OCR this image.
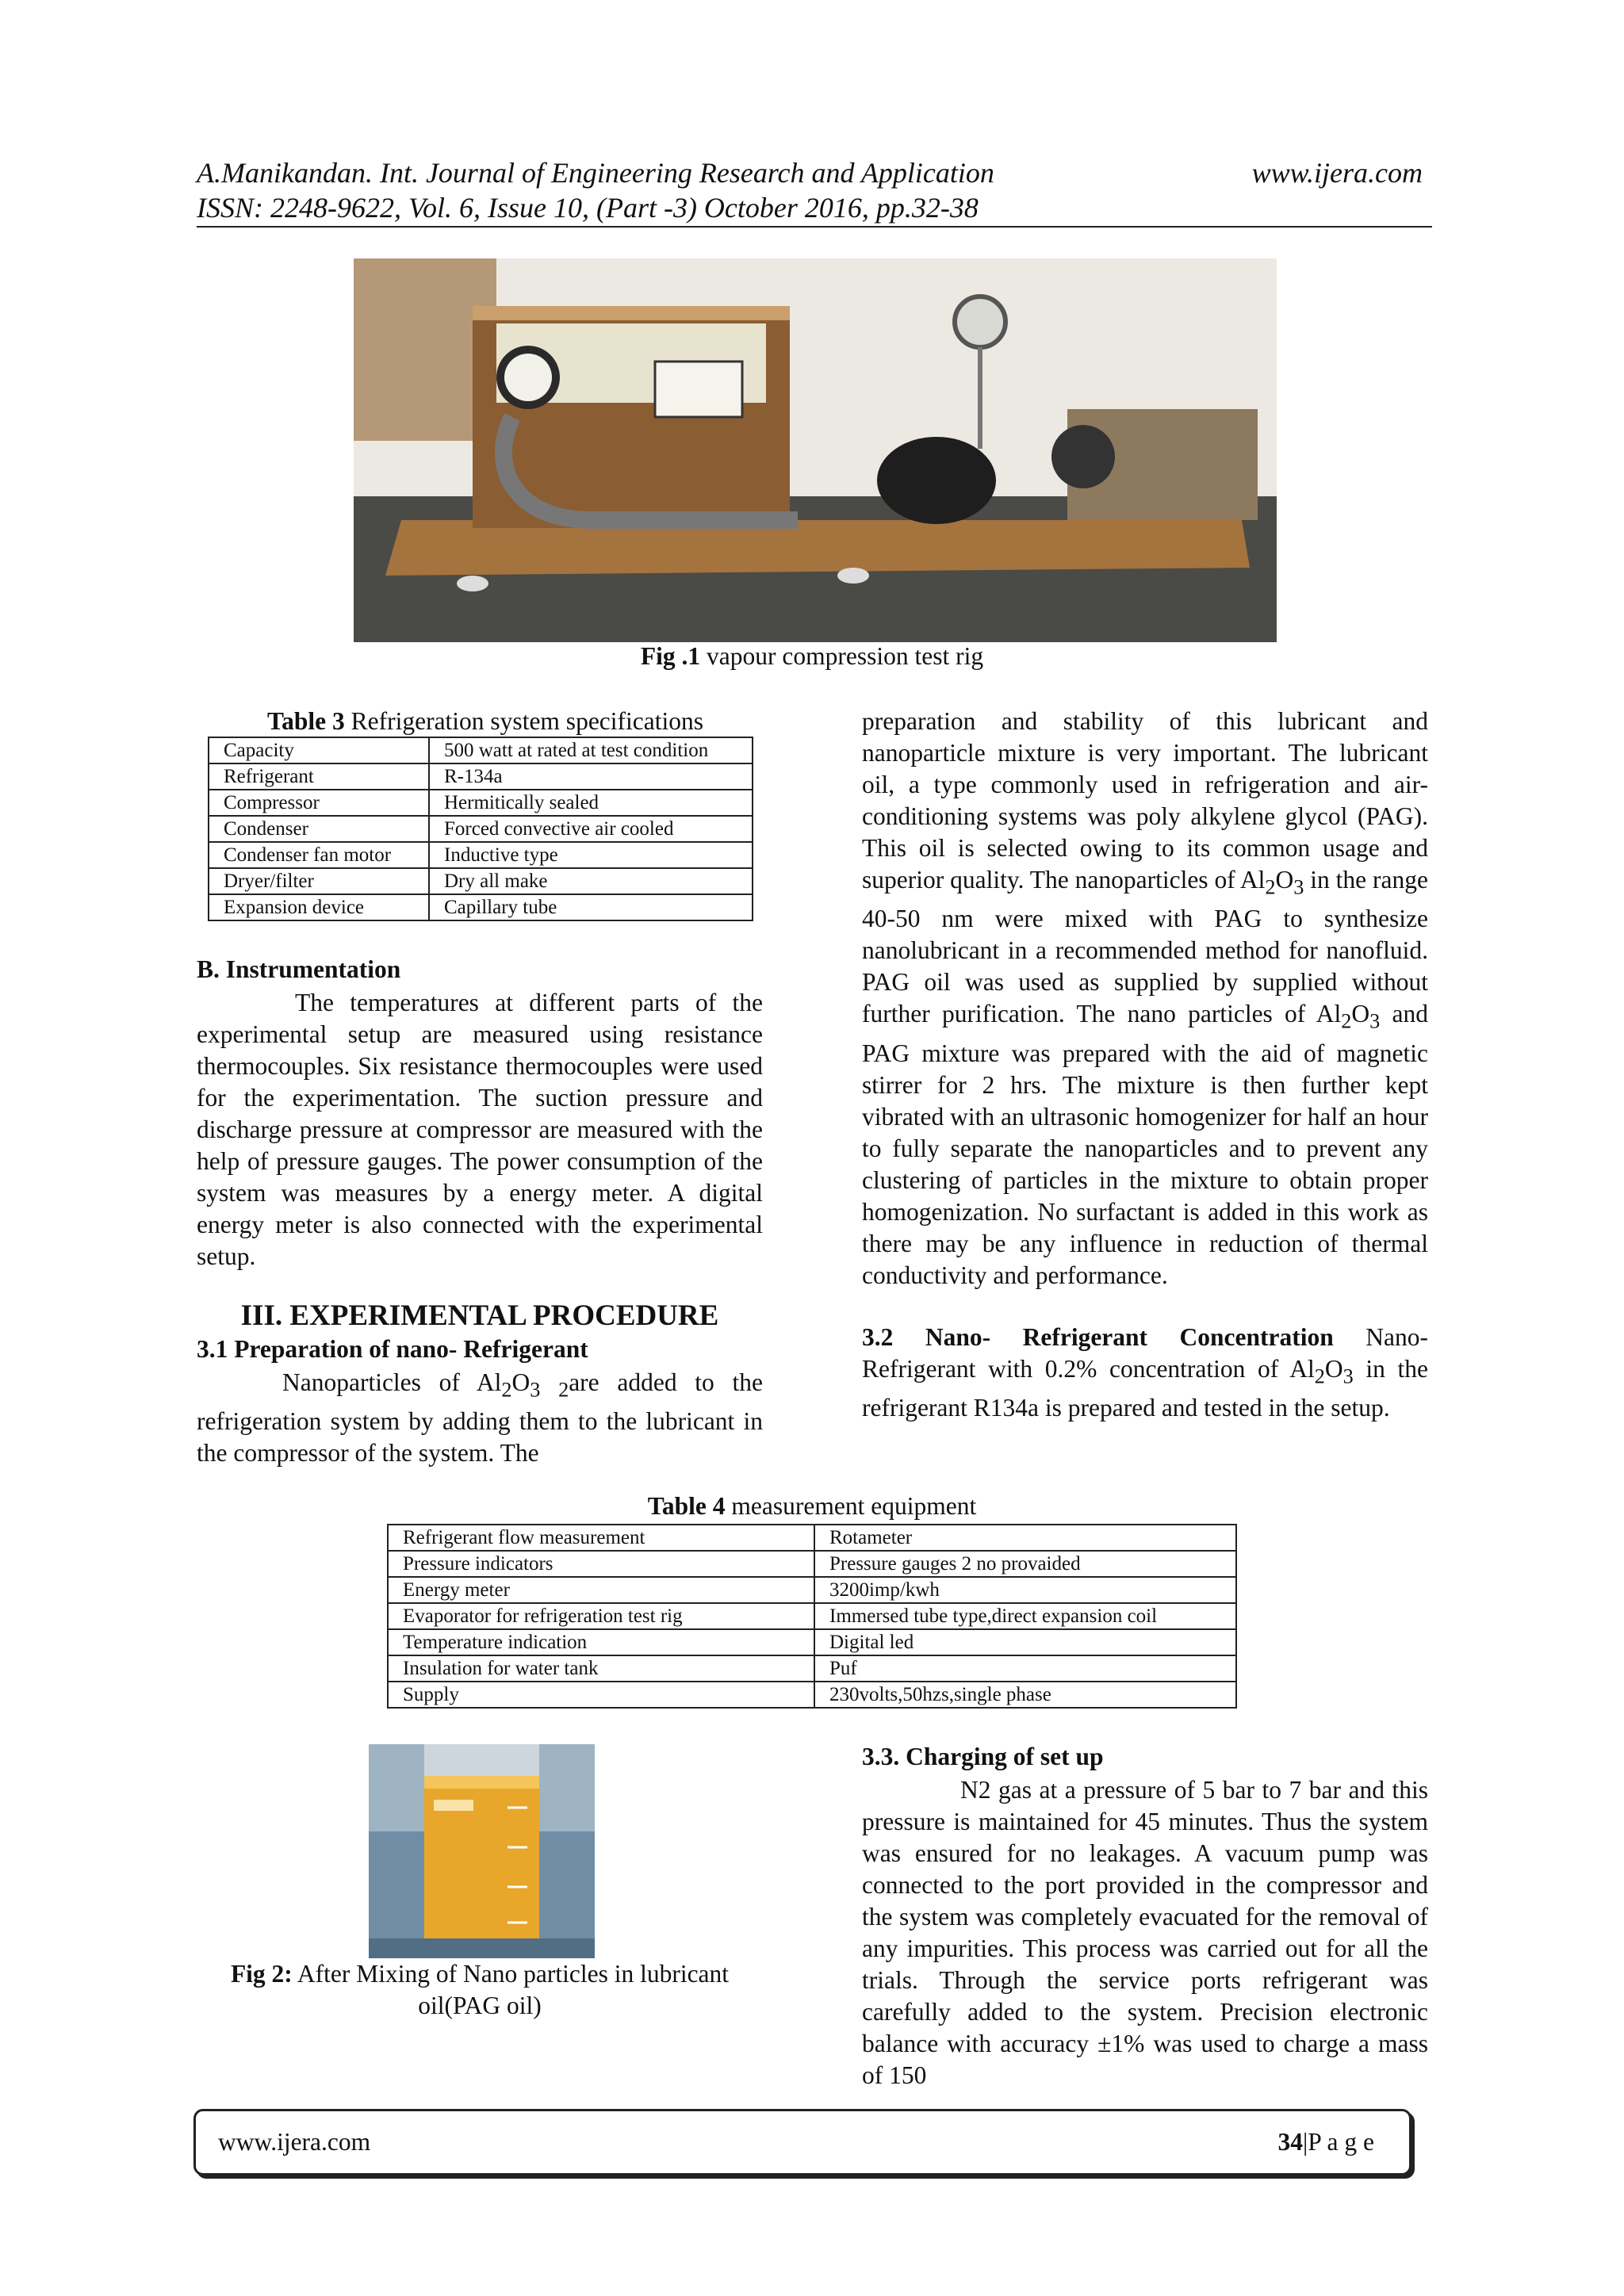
A.Manikandan. Int. Journal of Engineering Research and Application	www.ijera.com
ISSN: 2248-9622, Vol. 6, Issue 10, (Part -3) October 2016, pp.32-38
Fig .1 vapour compression test rig
Table 3 Refrigeration system specifications
Capacity	500 watt at rated at test condition
Refrigerant	R-134a
Compressor	Hermitically sealed
Condenser	Forced convective air cooled
Condenser fan motor	Inductive type
Dryer/filter	Dry all make
Expansion device	Capillary tube
B. Instrumentation

The temperatures at different parts of the experimental setup are measured using resistance thermocouples. Six resistance thermocouples were used for the experimentation. The suction pressure and discharge pressure at compressor are measured with the help of pressure gauges. The power consumption of the system was measures by a energy meter. A digital energy meter is also connected with the experimental setup.

III. EXPERIMENTAL PROCEDURE
3.1 Preparation of nano- Refrigerant

Nanoparticles of $Al_2O_3$ $_2$are added to the refrigeration system by adding them to the lubricant in the compressor of the system. The

preparation and stability of this lubricant and nanoparticle mixture is very important. The lubricant oil, a type commonly used in refrigeration and air-conditioning systems was poly alkylene glycol (PAG). This oil is selected owing to its common usage and superior quality. The nanoparticles of $Al_2O_3$ in the range 40-50 nm were mixed with PAG to synthesize nanolubricant in a recommended method for nanofluid. PAG oil was used as supplied by supplied without further purification. The nano particles of $Al_2O_3$ and PAG mixture was prepared with the aid of magnetic stirrer for 2 hrs. The mixture is then further kept vibrated with an ultrasonic homogenizer for half an hour to fully separate the nanoparticles and to prevent any clustering of particles in the mixture to obtain proper homogenization. No surfactant is added in this work as there may be any influence in reduction of thermal conductivity and performance.

3.2 Nano- Refrigerant Concentration Nano-Refrigerant with 0.2% concentration of $Al_2O_3$ in the refrigerant R134a is prepared and tested in the setup.

Table 4 measurement equipment
Refrigerant flow measurement	Rotameter
Pressure indicators	Pressure gauges 2 no provaided
Energy meter	3200imp/kwh
Evaporator for refrigeration test rig	Immersed tube type,direct expansion coil
Temperature indication	Digital led
Insulation for water tank	Puf
Supply	230volts,50hzs,single phase
Fig 2: After Mixing of Nano particles in lubricant oil(PAG oil)
3.3. Charging of set up

N2 gas at a pressure of 5 bar to 7 bar and this pressure is maintained for 45 minutes. Thus the system was ensured for no leakages. A vacuum pump was connected to the port provided in the compressor and the system was completely evacuated for the removal of any impurities. This process was carried out for all the trials. Through the service ports refrigerant was carefully added to the system. Precision electronic balance with accuracy ±1% was used to charge a mass of 150

www.ijera.com	34|P a g e
